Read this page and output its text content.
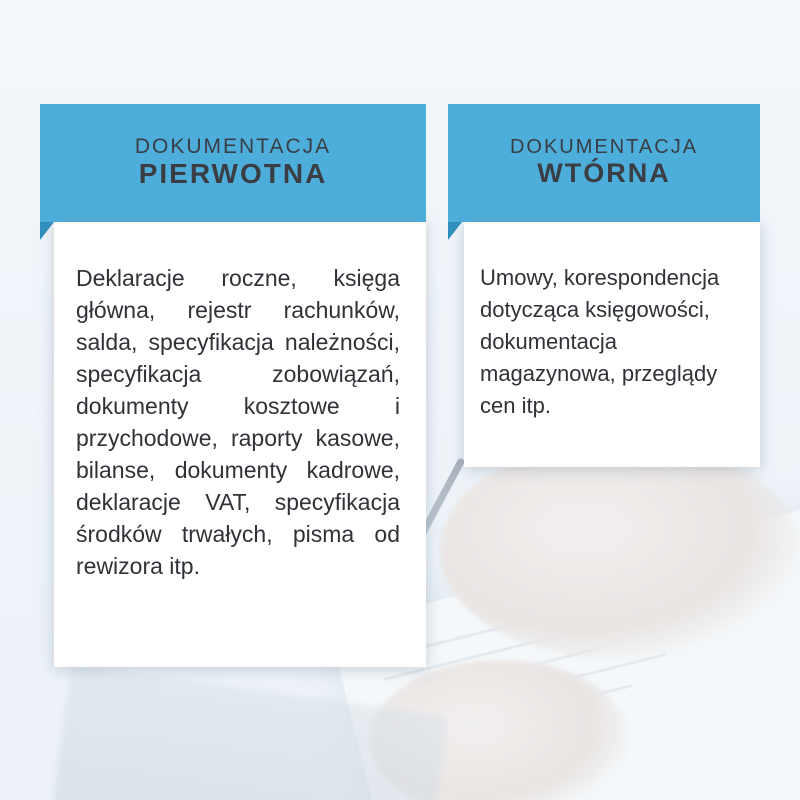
DOKUMENTACJA
PIERWOTNA
Deklaracje roczne, księga główna, rejestr rachunków, salda, specyfikacja należności, specyfikacja zobowiązań, dokumenty kosztowe i przychodowe, raporty kasowe, bilanse, dokumenty kadrowe, deklaracje VAT, specyfikacja środków trwałych, pisma od rewizora itp.
DOKUMENTACJA
WTÓRNA
Umowy, korespondencja dotycząca księgowości, dokumentacja magazynowa, przeglądy cen itp.
